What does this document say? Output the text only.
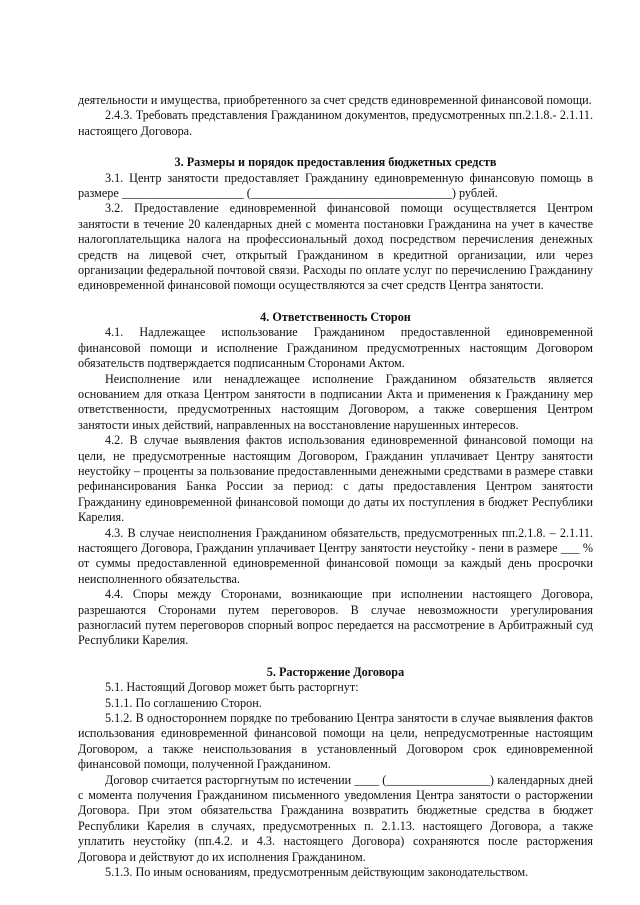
деятельности и имущества, приобретенного за счет средств единовременной финансовой помощи.

2.4.3. Требовать представления Гражданином документов, предусмотренных пп.2.1.8.- 2.1.11. настоящего Договора.

3. Размеры и порядок предоставления бюджетных средств

3.1. Центр занятости предоставляет Гражданину единовременную финансовую помощь в размере ____________________ (_________________________________) рублей.

3.2. Предоставление единовременной финансовой помощи осуществляется Центром занятости в течение 20 календарных дней с момента постановки Гражданина на учет в качестве налогоплательщика налога на профессиональный доход посредством перечисления денежных средств на лицевой счет, открытый Гражданином в кредитной организации, или через организации федеральной почтовой связи. Расходы по оплате услуг по перечислению Гражданину единовременной финансовой помощи осуществляются за счет средств Центра занятости.

4. Ответственность Сторон

4.1. Надлежащее использование Гражданином предоставленной единовременной финансовой помощи и исполнение Гражданином предусмотренных настоящим Договором обязательств подтверждается подписанным Сторонами Актом.

Неисполнение или ненадлежащее исполнение Гражданином обязательств является основанием для отказа Центром занятости в подписании Акта и применения к Гражданину мер ответственности, предусмотренных настоящим Договором, а также совершения Центром занятости иных действий, направленных на восстановление нарушенных интересов.

4.2. В случае выявления фактов использования единовременной финансовой помощи на цели, не предусмотренные настоящим Договором, Гражданин уплачивает Центру занятости неустойку – проценты за пользование предоставленными денежными средствами в размере ставки рефинансирования Банка России за период: с даты предоставления Центром занятости Гражданину единовременной финансовой помощи до даты их поступления в бюджет Республики Карелия.

4.3. В случае неисполнения Гражданином обязательств, предусмотренных пп.2.1.8. – 2.1.11. настоящего Договора, Гражданин уплачивает Центру занятости неустойку - пени в размере ___ % от суммы предоставленной единовременной финансовой помощи за каждый день просрочки неисполненного обязательства.

4.4. Споры между Сторонами, возникающие при исполнении настоящего Договора, разрешаются Сторонами путем переговоров. В случае невозможности урегулирования разногласий путем переговоров спорный вопрос передается на рассмотрение в Арбитражный суд Республики Карелия.

5. Расторжение Договора

5.1. Настоящий Договор может быть расторгнут:

5.1.1. По соглашению Сторон.

5.1.2. В одностороннем порядке по требованию Центра занятости в случае выявления фактов использования единовременной финансовой помощи на цели, непредусмотренные настоящим Договором, а также неиспользования в установленный Договором срок единовременной финансовой помощи, полученной Гражданином.

Договор считается расторгнутым по истечении ____ (_________________) календарных дней с момента получения Гражданином письменного уведомления Центра занятости о расторжении Договора. При этом обязательства Гражданина возвратить бюджетные средства в бюджет Республики Карелия в случаях, предусмотренных п. 2.1.13. настоящего Договора, а также уплатить неустойку (пп.4.2. и 4.3. настоящего Договора) сохраняются после расторжения Договора и действуют до их исполнения Гражданином.

5.1.3. По иным основаниям, предусмотренным действующим законодательством.
